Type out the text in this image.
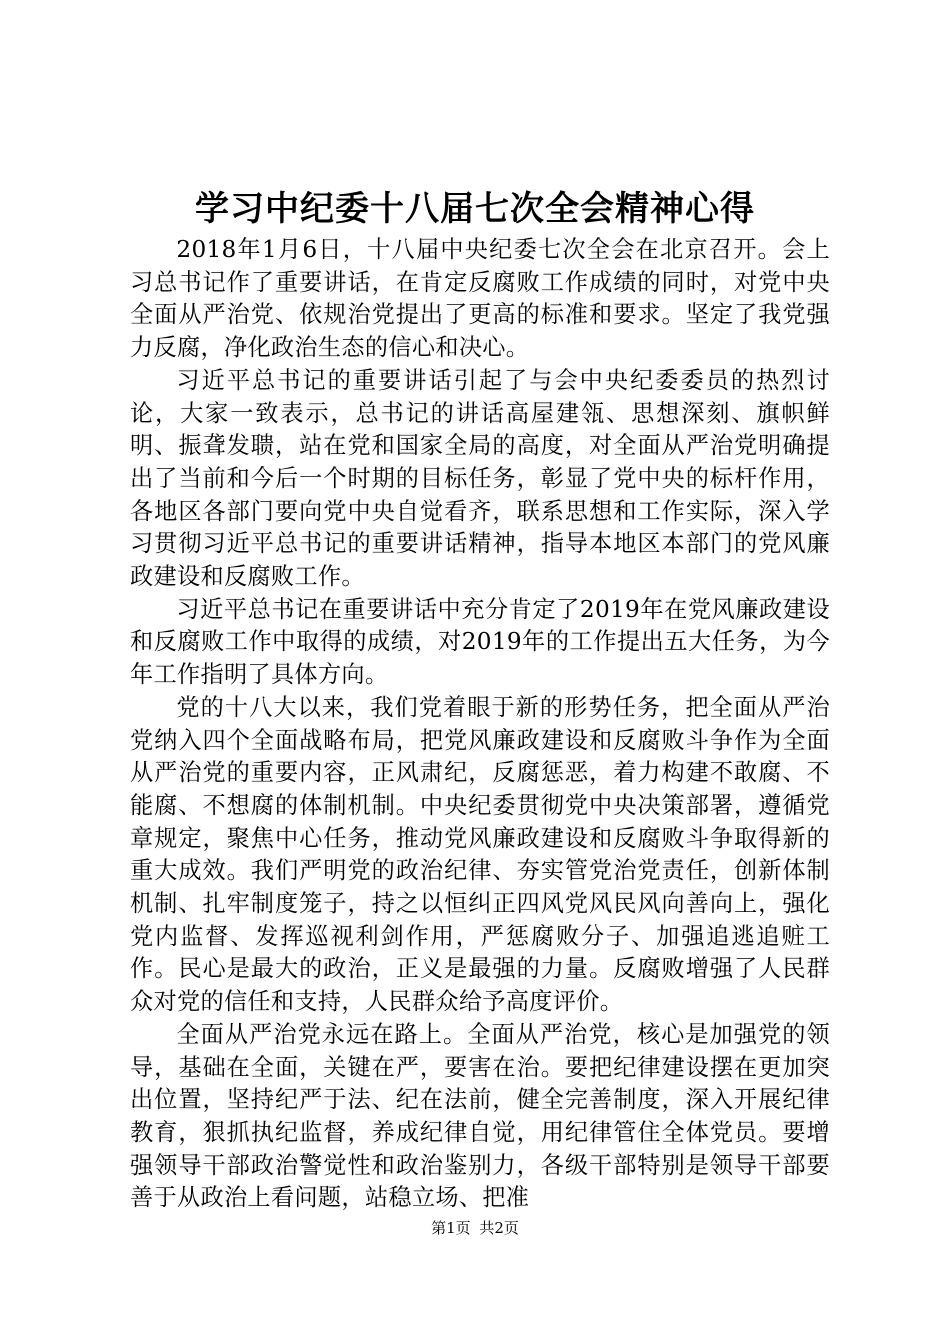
学习中纪委十八届七次全会精神心得

2018年1月6日，十八届中央纪委七次全会在北京召开。会上习总书记作了重要讲话，在肯定反腐败工作成绩的同时，对党中央全面从严治党、依规治党提出了更高的标准和要求。坚定了我党强力反腐，净化政治生态的信心和决心。

习近平总书记的重要讲话引起了与会中央纪委委员的热烈讨论，大家一致表示，总书记的讲话高屋建瓴、思想深刻、旗帜鲜明、振聋发聩，站在党和国家全局的高度，对全面从严治党明确提出了当前和今后一个时期的目标任务，彰显了党中央的标杆作用，各地区各部门要向党中央自觉看齐，联系思想和工作实际，深入学习贯彻习近平总书记的重要讲话精神，指导本地区本部门的党风廉政建设和反腐败工作。

习近平总书记在重要讲话中充分肯定了2019年在党风廉政建设和反腐败工作中取得的成绩，对2019年的工作提出五大任务，为今年工作指明了具体方向。

党的十八大以来，我们党着眼于新的形势任务，把全面从严治党纳入四个全面战略布局，把党风廉政建设和反腐败斗争作为全面从严治党的重要内容，正风肃纪，反腐惩恶，着力构建不敢腐、不能腐、不想腐的体制机制。中央纪委贯彻党中央决策部署，遵循党章规定，聚焦中心任务，推动党风廉政建设和反腐败斗争取得新的重大成效。我们严明党的政治纪律、夯实管党治党责任，创新体制机制、扎牢制度笼子，持之以恒纠正四风党风民风向善向上，强化党内监督、发挥巡视利剑作用，严惩腐败分子、加强追逃追赃工作。民心是最大的政治，正义是最强的力量。反腐败增强了人民群众对党的信任和支持，人民群众给予高度评价。

全面从严治党永远在路上。全面从严治党，核心是加强党的领导，基础在全面，关键在严，要害在治。要把纪律建设摆在更加突出位置，坚持纪严于法、纪在法前，健全完善制度，深入开展纪律教育，狠抓执纪监督，养成纪律自觉，用纪律管住全体党员。要增强领导干部政治警觉性和政治鉴别力，各级干部特别是领导干部要善于从政治上看问题，站稳立场、把准

第1页 共2页
